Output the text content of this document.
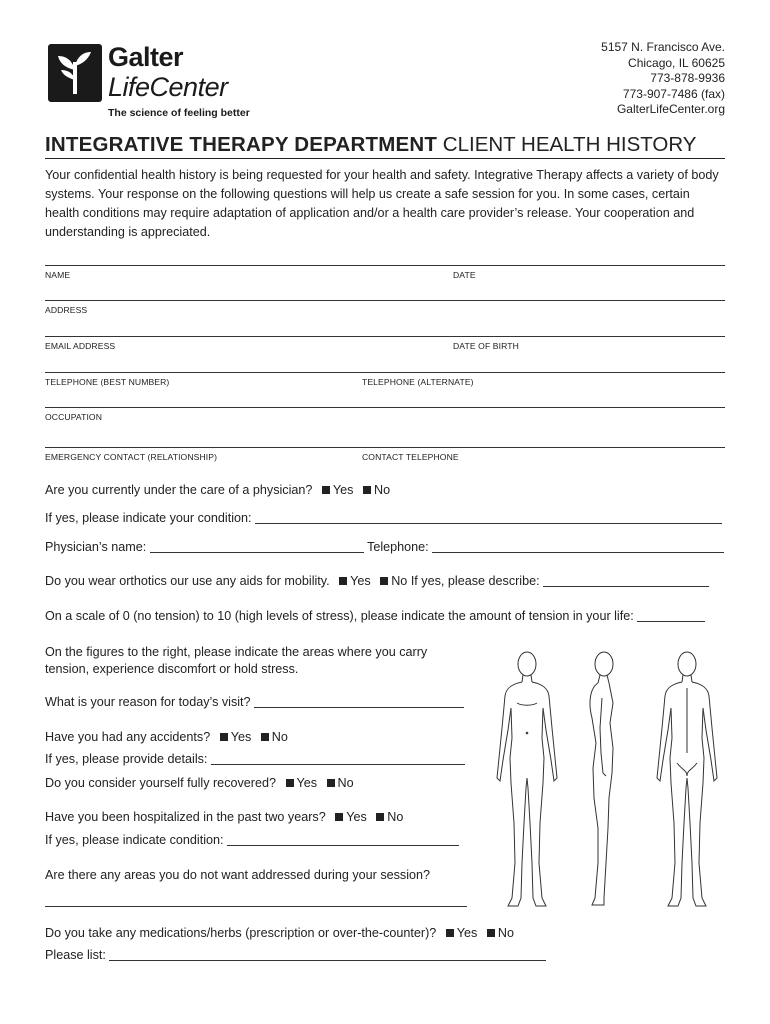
Galter
LifeCenter
The science of feeling better
5157 N. Francisco Ave.
Chicago, IL 60625
773-878-9936
773-907-7486 (fax)
GalterLifeCenter.org
INTEGRATIVE THERAPY DEPARTMENT CLIENT HEALTH HISTORY
Your confidential health history is being requested for your health and safety. Integrative Therapy affects a variety of body systems. Your response on the following questions will help us create a safe session for you. In some cases, certain health conditions may require adaptation of application and/or a health care provider’s release. Your cooperation and understanding is appreciated.
NAME	DATE
ADDRESS
EMAIL ADDRESS	DATE OF BIRTH
TELEPHONE (BEST NUMBER)	TELEPHONE (ALTERNATE)
OCCUPATION
EMERGENCY CONTACT (RELATIONSHIP)	CONTACT TELEPHONE
Are you currently under the care of a physician? Yes No
If yes, please indicate your condition:
Physician’s name:	Telephone:
Do you wear orthotics our use any aids for mobility. Yes No If yes, please describe:
On a scale of 0 (no tension) to 10 (high levels of stress), please indicate the amount of tension in your life:
On the figures to the right, please indicate the areas where you carry
tension, experience discomfort or hold stress.
What is your reason for today’s visit?
Have you had any accidents? Yes No
If yes, please provide details:
Do you consider yourself fully recovered? Yes No
Have you been hospitalized in the past two years? Yes No
If yes, please indicate condition:
Are there any areas you do not want addressed during your session?
Do you take any medications/herbs (prescription or over-the-counter)? Yes No
Please list:
